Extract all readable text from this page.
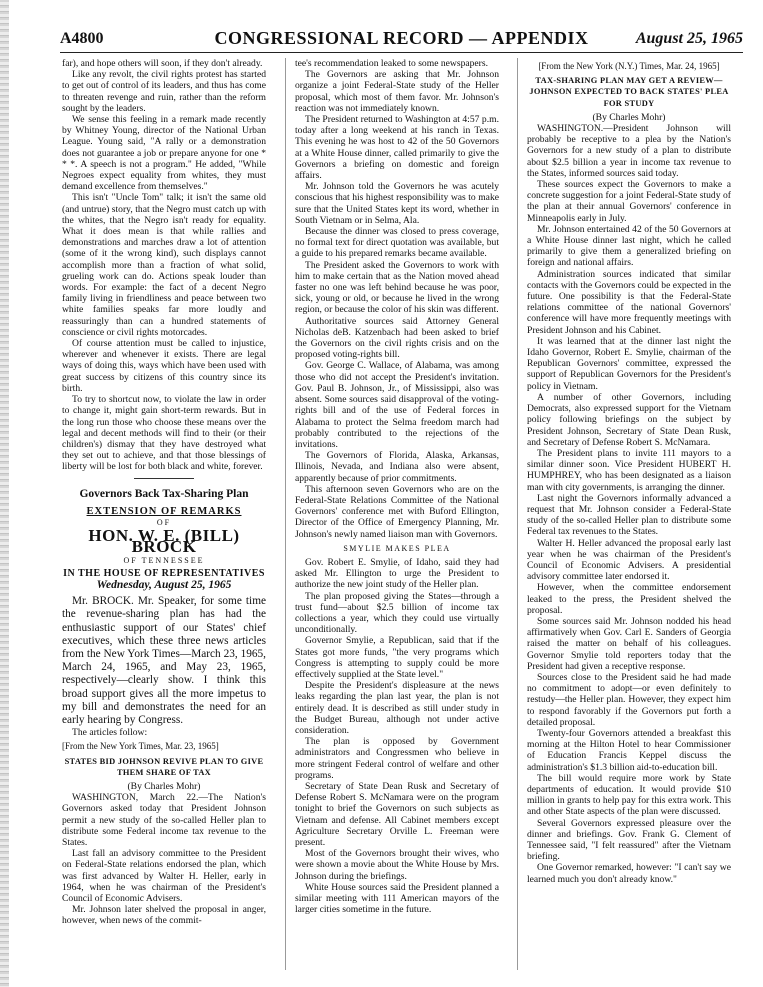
A4800	CONGRESSIONAL RECORD — APPENDIX	August 25, 1965

far), and hope others will soon, if they don't already.

Like any revolt, the civil rights protest has started to get out of control of its leaders, and thus has come to threaten revenge and ruin, rather than the reform sought by the leaders.

We sense this feeling in a remark made recently by Whitney Young, director of the National Urban League. Young said, "A rally or a demonstration does not guarantee a job or prepare anyone for one * * *. A speech is not a program." He added, "While Negroes expect equality from whites, they must demand excellence from themselves."

This isn't "Uncle Tom" talk; it isn't the same old (and untrue) story, that the Negro must catch up with the whites, that the Negro isn't ready for equality. What it does mean is that while rallies and demonstrations and marches draw a lot of attention (some of it the wrong kind), such displays cannot accomplish more than a fraction of what solid, grueling work can do. Actions speak louder than words. For example: the fact of a decent Negro family living in friendliness and peace between two white families speaks far more loudly and reassuringly than can a hundred statements of conscience or civil rights motorcades.

Of course attention must be called to injustice, wherever and whenever it exists. There are legal ways of doing this, ways which have been used with great success by citizens of this country since its birth.

To try to shortcut now, to violate the law in order to change it, might gain short-term rewards. But in the long run those who choose these means over the legal and decent methods will find to their (or their children's) dismay that they have destroyed what they set out to achieve, and that those blessings of liberty will be lost for both black and white, forever.

Governors Back Tax-Sharing Plan
EXTENSION OF REMARKS
OF
HON. W. E. (BILL) BROCK
OF TENNESSEE
IN THE HOUSE OF REPRESENTATIVES
Wednesday, August 25, 1965

Mr. BROCK. Mr. Speaker, for some time the revenue-sharing plan has had the enthusiastic support of our States' chief executives, which these three news articles from the New York Times—March 23, 1965, March 24, 1965, and May 23, 1965, respectively—clearly show. I think this broad support gives all the more impetus to my bill and demonstrates the need for an early hearing by Congress.

The articles follow:

[From the New York Times, Mar. 23, 1965]
STATES BID JOHNSON REVIVE PLAN TO GIVE THEM SHARE OF TAX
(By Charles Mohr)

WASHINGTON, March 22.—The Nation's Governors asked today that President Johnson permit a new study of the so-called Heller plan to distribute some Federal income tax revenue to the States.

Last fall an advisory committee to the President on Federal-State relations endorsed the plan, which was first advanced by Walter H. Heller, early in 1964, when he was chairman of the President's Council of Economic Advisers.

Mr. Johnson later shelved the proposal in anger, however, when news of the commit-

tee's recommendation leaked to some newspapers.

The Governors are asking that Mr. Johnson organize a joint Federal-State study of the Heller proposal, which most of them favor. Mr. Johnson's reaction was not immediately known.

The President returned to Washington at 4:57 p.m. today after a long weekend at his ranch in Texas. This evening he was host to 42 of the 50 Governors at a White House dinner, called primarily to give the Governors a briefing on domestic and foreign affairs.

Mr. Johnson told the Governors he was acutely conscious that his highest responsibility was to make sure that the United States kept its word, whether in South Vietnam or in Selma, Ala.

Because the dinner was closed to press coverage, no formal text for direct quotation was available, but a guide to his prepared remarks became available.

The President asked the Governors to work with him to make certain that as the Nation moved ahead faster no one was left behind because he was poor, sick, young or old, or because he lived in the wrong region, or because the color of his skin was different.

Authoritative sources said Attorney General Nicholas deB. Katzenbach had been asked to brief the Governors on the civil rights crisis and on the proposed voting-rights bill.

Gov. George C. Wallace, of Alabama, was among those who did not accept the President's invitation. Gov. Paul B. Johnson, Jr., of Mississippi, also was absent. Some sources said disapproval of the voting-rights bill and of the use of Federal forces in Alabama to protect the Selma freedom march had probably contributed to the rejections of the invitations.

The Governors of Florida, Alaska, Arkansas, Illinois, Nevada, and Indiana also were absent, apparently because of prior commitments.

This afternoon seven Governors who are on the Federal-State Relations Committee of the National Governors' conference met with Buford Ellington, Director of the Office of Emergency Planning, Mr. Johnson's newly named liaison man with Governors.

SMYLIE MAKES PLEA

Gov. Robert E. Smylie, of Idaho, said they had asked Mr. Ellington to urge the President to authorize the new joint study of the Heller plan.

The plan proposed giving the States—through a trust fund—about $2.5 billion of income tax collections a year, which they could use virtually unconditionally.

Governor Smylie, a Republican, said that if the States got more funds, "the very programs which Congress is attempting to supply could be more effectively supplied at the State level."

Despite the President's displeasure at the news leaks regarding the plan last year, the plan is not entirely dead. It is described as still under study in the Budget Bureau, although not under active consideration.

The plan is opposed by Government administrators and Congressmen who believe in more stringent Federal control of welfare and other programs.

Secretary of State Dean Rusk and Secretary of Defense Robert S. McNamara were on the program tonight to brief the Governors on such subjects as Vietnam and defense. All Cabinet members except Agriculture Secretary Orville L. Freeman were present.

Most of the Governors brought their wives, who were shown a movie about the White House by Mrs. Johnson during the briefings.

White House sources said the President planned a similar meeting with 111 American mayors of the larger cities sometime in the future.

[From the New York (N.Y.) Times, Mar. 24, 1965]
TAX-SHARING PLAN MAY GET A REVIEW—JOHNSON EXPECTED TO BACK STATES' PLEA FOR STUDY
(By Charles Mohr)

WASHINGTON.—President Johnson will probably be receptive to a plea by the Nation's Governors for a new study of a plan to distribute about $2.5 billion a year in income tax revenue to the States, informed sources said today.

These sources expect the Governors to make a concrete suggestion for a joint Federal-State study of the plan at their annual Governors' conference in Minneapolis early in July.

Mr. Johnson entertained 42 of the 50 Governors at a White House dinner last night, which he called primarily to give them a generalized briefing on foreign and national affairs.

Administration sources indicated that similar contacts with the Governors could be expected in the future. One possibility is that the Federal-State relations committee of the national Governors' conference will have more frequently meetings with President Johnson and his Cabinet.

It was learned that at the dinner last night the Idaho Governor, Robert E. Smylie, chairman of the Republican Governors' committee, expressed the support of Republican Governors for the President's policy in Vietnam.

A number of other Governors, including Democrats, also expressed support for the Vietnam policy following briefings on the subject by President Johnson, Secretary of State Dean Rusk, and Secretary of Defense Robert S. McNamara.

The President plans to invite 111 mayors to a similar dinner soon. Vice President HUBERT H. HUMPHREY, who has been designated as a liaison man with city governments, is arranging the dinner.

Last night the Governors informally advanced a request that Mr. Johnson consider a Federal-State study of the so-called Heller plan to distribute some Federal tax revenues to the States.

Walter H. Heller advanced the proposal early last year when he was chairman of the President's Council of Economic Advisers. A presidential advisory committee later endorsed it.

However, when the committee endorsement leaked to the press, the President shelved the proposal.

Some sources said Mr. Johnson nodded his head affirmatively when Gov. Carl E. Sanders of Georgia raised the matter on behalf of his colleagues. Governor Smylie told reporters today that the President had given a receptive response.

Sources close to the President said he had made no commitment to adopt—or even definitely to restudy—the Heller plan. However, they expect him to respond favorably if the Governors put forth a detailed proposal.

Twenty-four Governors attended a breakfast this morning at the Hilton Hotel to hear Commissioner of Education Francis Keppel discuss the administration's $1.3 billion aid-to-education bill.

The bill would require more work by State departments of education. It would provide $10 million in grants to help pay for this extra work. This and other State aspects of the plan were discussed.

Several Governors expressed pleasure over the dinner and briefings. Gov. Frank G. Clement of Tennessee said, "I felt reassured" after the Vietnam briefing.

One Governor remarked, however: "I can't say we learned much you don't already know."
